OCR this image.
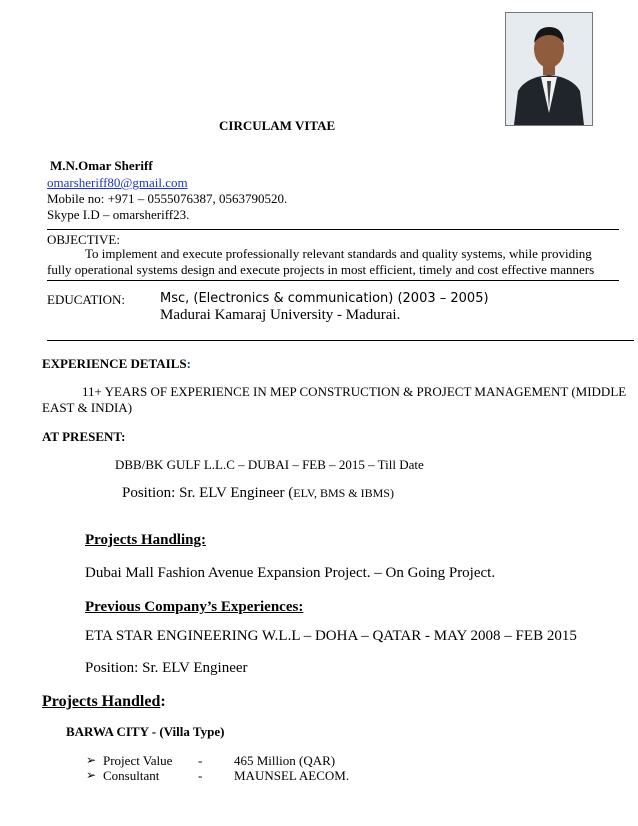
CIRCULAM VITAE
M.N.Omar Sheriff
omarsheriff80@gmail.com
Mobile no: +971 – 0555076387, 0563790520.
Skype I.D – omarsheriff23.
OBJECTIVE:
To implement and execute professionally relevant standards and quality systems, while providing fully operational systems design and execute projects in most efficient, timely and cost effective manners
EDUCATION:	Msc, (Electronics & communication) (2003 – 2005)
Madurai Kamaraj University - Madurai.
EXPERIENCE DETAILS:
11+ YEARS OF EXPERIENCE IN MEP CONSTRUCTION & PROJECT MANAGEMENT (MIDDLE
EAST & INDIA)
AT PRESENT:
DBB/BK GULF L.L.C – DUBAI – FEB – 2015 – Till Date
Position: Sr. ELV Engineer (ELV, BMS & IBMS)
Projects Handling:
Dubai Mall Fashion Avenue Expansion Project. – On Going Project.
Previous Company’s Experiences:
ETA STAR ENGINEERING W.L.L – DOHA – QATAR - MAY 2008 – FEB 2015
Position: Sr. ELV Engineer
Projects Handled:
BARWA CITY - (Villa Type)
➢ Project Value - 465 Million (QAR)
➢ Consultant	- MAUNSEL AECOM.
